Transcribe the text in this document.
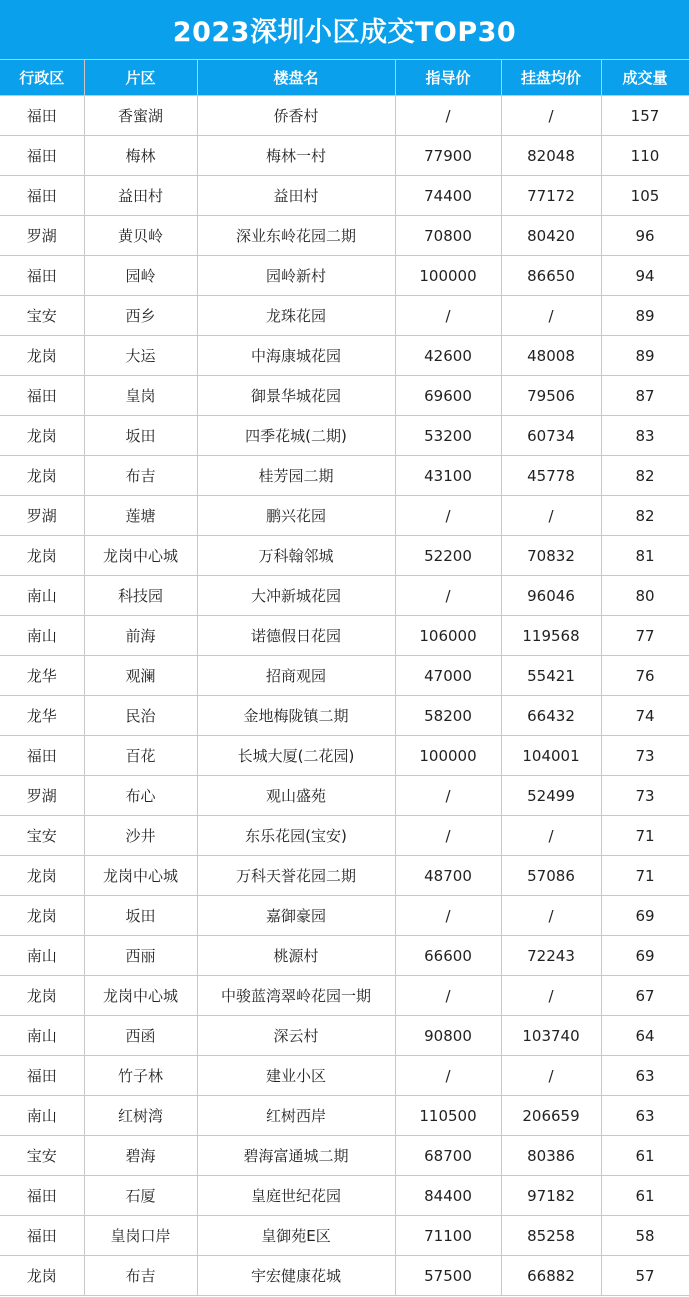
2023深圳小区成交TOP30
行政区	片区	楼盘名	指导价	挂盘均价	成交量
福田	香蜜湖	侨香村	/	/	157
福田	梅林	梅林一村	77900	82048	110
福田	益田村	益田村	74400	77172	105
罗湖	黄贝岭	深业东岭花园二期	70800	80420	96
福田	园岭	园岭新村	100000	86650	94
宝安	西乡	龙珠花园	/	/	89
龙岗	大运	中海康城花园	42600	48008	89
福田	皇岗	御景华城花园	69600	79506	87
龙岗	坂田	四季花城(二期)	53200	60734	83
龙岗	布吉	桂芳园二期	43100	45778	82
罗湖	莲塘	鹏兴花园	/	/	82
龙岗	龙岗中心城	万科翰邻城	52200	70832	81
南山	科技园	大冲新城花园	/	96046	80
南山	前海	诺德假日花园	106000	119568	77
龙华	观澜	招商观园	47000	55421	76
龙华	民治	金地梅陇镇二期	58200	66432	74
福田	百花	长城大厦(二花园)	100000	104001	73
罗湖	布心	观山盛苑	/	52499	73
宝安	沙井	东乐花园(宝安)	/	/	71
龙岗	龙岗中心城	万科天誉花园二期	48700	57086	71
龙岗	坂田	嘉御豪园	/	/	69
南山	西丽	桃源村	66600	72243	69
龙岗	龙岗中心城	中骏蓝湾翠岭花园一期	/	/	67
南山	西函	深云村	90800	103740	64
福田	竹子林	建业小区	/	/	63
南山	红树湾	红树西岸	110500	206659	63
宝安	碧海	碧海富通城二期	68700	80386	61
福田	石厦	皇庭世纪花园	84400	97182	61
福田	皇岗口岸	皇御苑E区	71100	85258	58
龙岗	布吉	宇宏健康花城	57500	66882	57
